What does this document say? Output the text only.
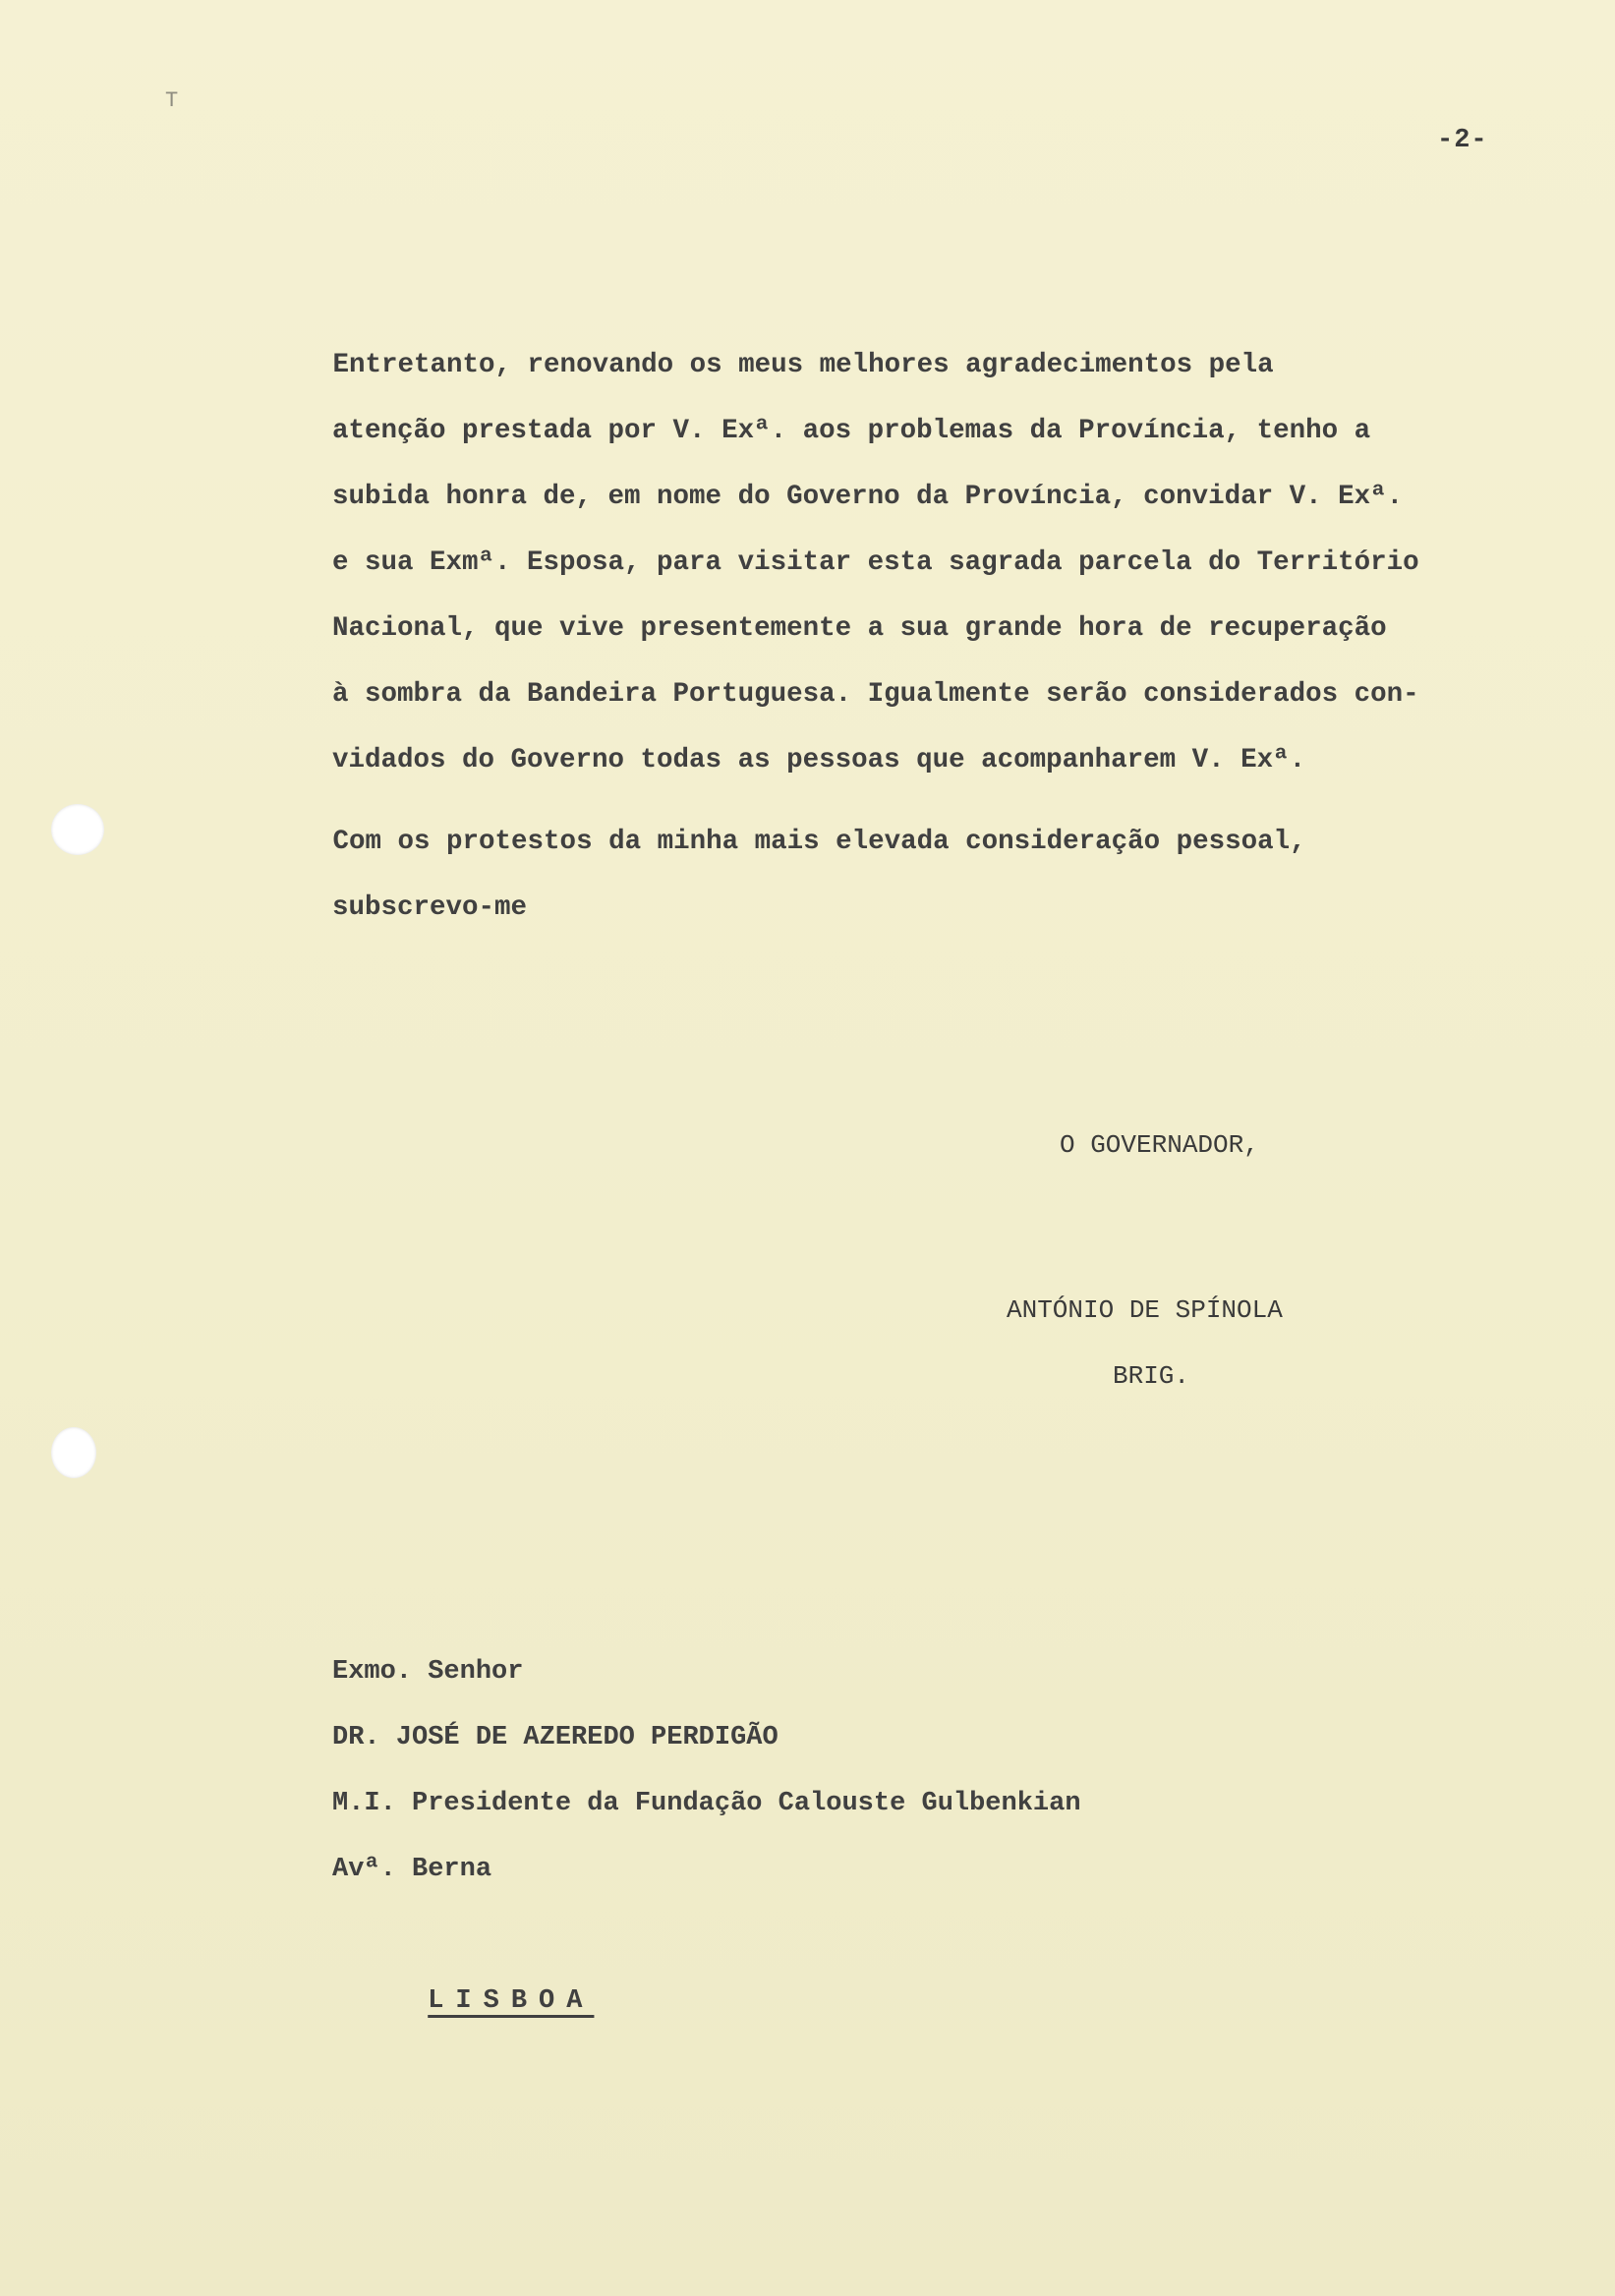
T
-2-
Entretanto, renovando os meus melhores agradecimentos pela
atenção prestada por V. Exª. aos problemas da Província, tenho a
subida honra de, em nome do Governo da Província, convidar V. Exª.
e sua Exmª. Esposa, para visitar esta sagrada parcela do Território
Nacional, que vive presentemente a sua grande hora de recuperação
à sombra da Bandeira Portuguesa. Igualmente serão considerados con-
vidados do Governo todas as pessoas que acompanharem V. Exª.
Com os protestos da minha mais elevada consideração pessoal,
subscrevo-me
O GOVERNADOR,
ANTÓNIO DE SPÍNOLA
BRIG.
Exmo. Senhor
DR. JOSÉ DE AZEREDO PERDIGÃO
M.I. Presidente da Fundação Calouste Gulbenkian
Avª. Berna

LISBOA
